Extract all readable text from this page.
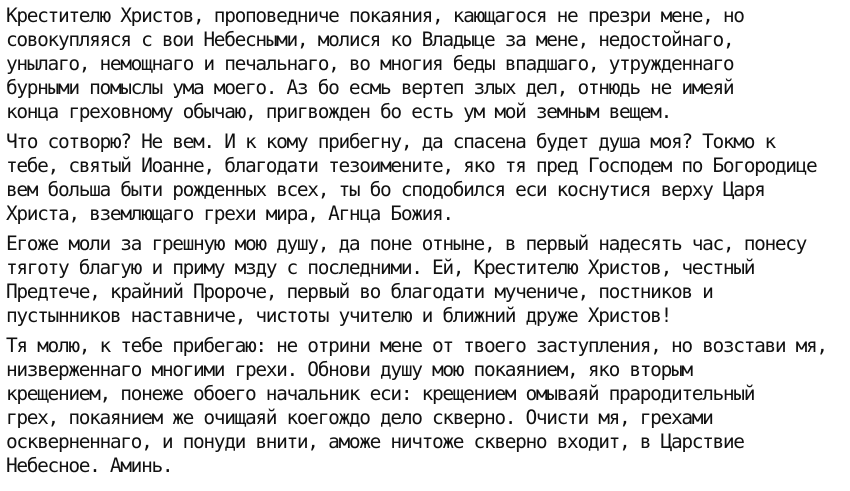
Крестителю Христов, проповедниче покаяния, кающагося не презри мене, но
совокупляяся с вои Небесными, молися ко Владыце за мене, недостойнаго,
унылаго, немощнаго и печальнаго, во многия беды впадшаго, утружденнаго
бурными помыслы ума моего. Аз бо есмь вертеп злых дел, отнюдь не имеяй
конца греховному обычаю, пригвожден бо есть ум мой земным вещем.
Что сотворю? Не вем. И к кому прибегну, да спасена будет душа моя? Токмо к
тебе, святый Иоанне, благодати тезоимените, яко тя пред Господем по Богородице
вем больша быти рожденных всех, ты бо сподобился еси коснутися верху Царя
Христа, вземлющаго грехи мира, Агнца Божия.
Егоже моли за грешную мою душу, да поне отныне, в первый надесять час, понесу
тяготу благую и приму мзду с последними. Ей, Крестителю Христов, честный
Предтече, крайний Пророче, первый во благодати мучениче, постников и
пустынников наставниче, чистоты учителю и ближний друже Христов!
Тя молю, к тебе прибегаю: не отрини мене от твоего заступления, но возстави мя,
низверженнаго многими грехи. Обнови душу мою покаянием, яко вторым
крещением, понеже обоего начальник еси: крещением омываяй прародительный
грех, покаянием же очищаяй коегождо дело скверно. Очисти мя, грехами
оскверненнаго, и понуди внити, аможе ничтоже скверно входит, в Царствие
Небесное. Аминь.
